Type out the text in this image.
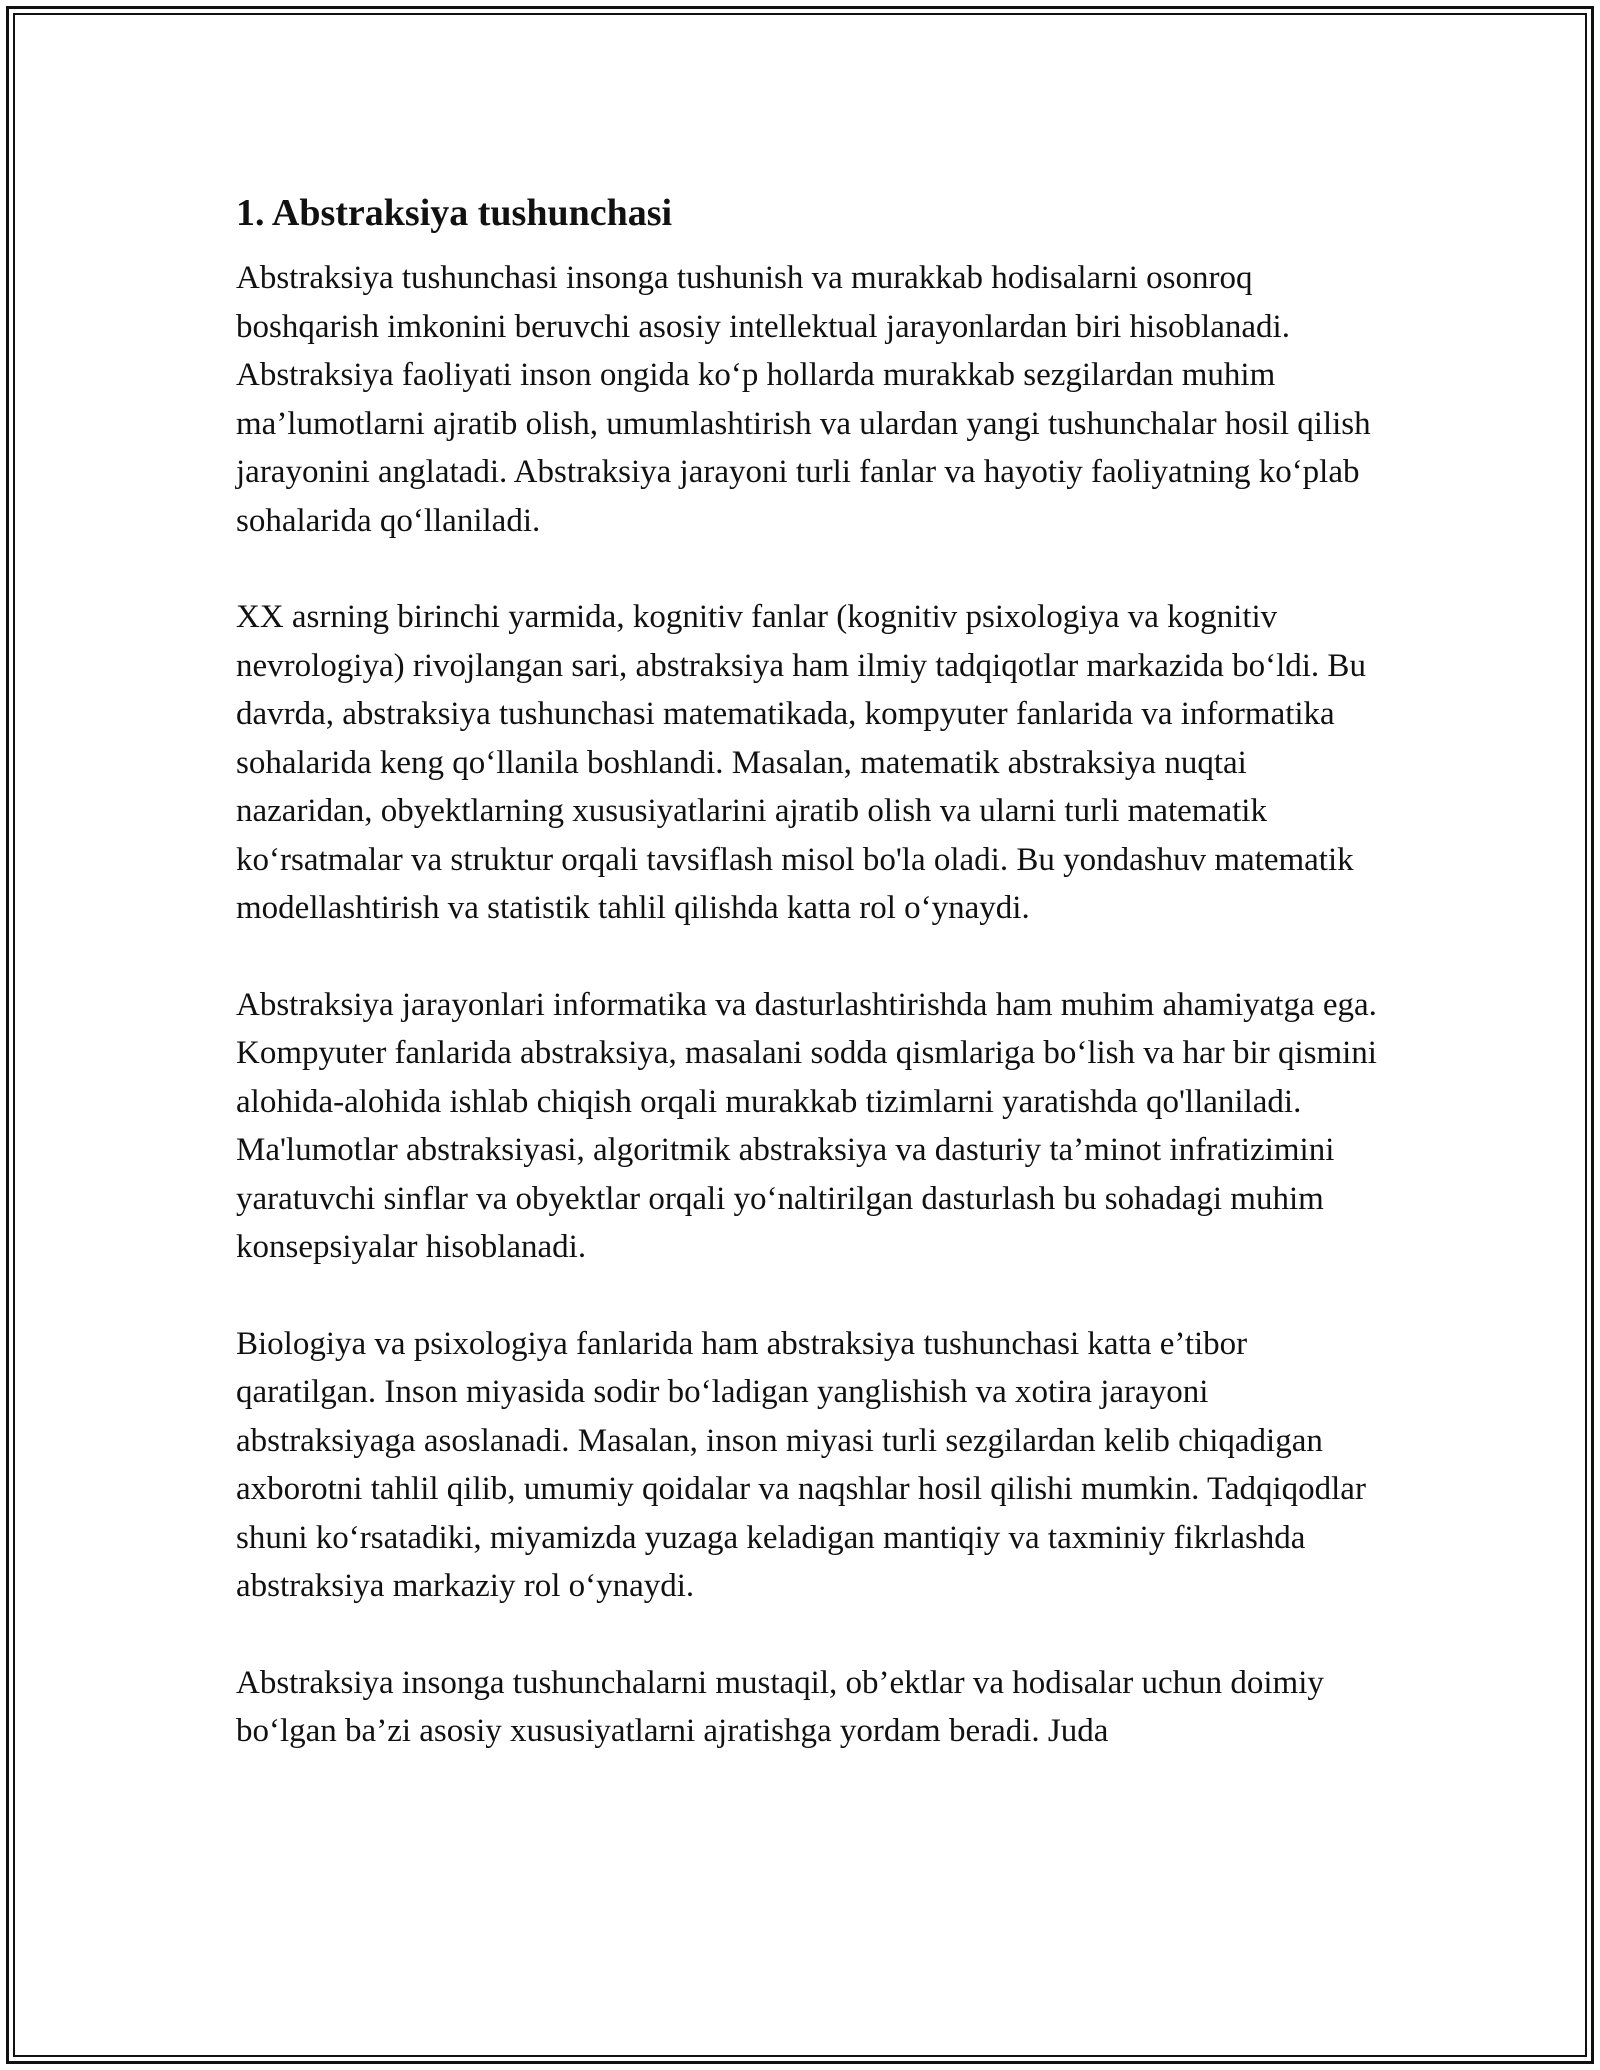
1. Abstraksiya tushunchasi

Abstraksiya tushunchasi insonga tushunish va murakkab hodisalarni osonroq boshqarish imkonini beruvchi asosiy intellektual jarayonlardan biri hisoblanadi. Abstraksiya faoliyati inson ongida ko‘p hollarda murakkab sezgilardan muhim ma’lumotlarni ajratib olish, umumlashtirish va ulardan yangi tushunchalar hosil qilish jarayonini anglatadi. Abstraksiya jarayoni turli fanlar va hayotiy faoliyatning ko‘plab sohalarida qo‘llaniladi.

XX asrning birinchi yarmida, kognitiv fanlar (kognitiv psixologiya va kognitiv nevrologiya) rivojlangan sari, abstraksiya ham ilmiy tadqiqotlar markazida bo‘ldi. Bu davrda, abstraksiya tushunchasi matematikada, kompyuter fanlarida va informatika sohalarida keng qo‘llanila boshlandi. Masalan, matematik abstraksiya nuqtai nazaridan, obyektlarning xususiyatlarini ajratib olish va ularni turli matematik ko‘rsatmalar va struktur orqali tavsiflash misol bo'la oladi. Bu yondashuv matematik modellashtirish va statistik tahlil qilishda katta rol o‘ynaydi.

Abstraksiya jarayonlari informatika va dasturlashtirishda ham muhim ahamiyatga ega. Kompyuter fanlarida abstraksiya, masalani sodda qismlariga bo‘lish va har bir qismini alohida-alohida ishlab chiqish orqali murakkab tizimlarni yaratishda qo'llaniladi. Ma'lumotlar abstraksiyasi, algoritmik abstraksiya va dasturiy ta’minot infratizimini yaratuvchi sinflar va obyektlar orqali yo‘naltirilgan dasturlash bu sohadagi muhim konsepsiyalar hisoblanadi.

Biologiya va psixologiya fanlarida ham abstraksiya tushunchasi katta e’tibor qaratilgan. Inson miyasida sodir bo‘ladigan yanglishish va xotira jarayoni abstraksiyaga asoslanadi. Masalan, inson miyasi turli sezgilardan kelib chiqadigan axborotni tahlil qilib, umumiy qoidalar va naqshlar hosil qilishi mumkin. Tadqiqodlar shuni ko‘rsatadiki, miyamizda yuzaga keladigan mantiqiy va taxminiy fikrlashda abstraksiya markaziy rol o‘ynaydi.

Abstraksiya insonga tushunchalarni mustaqil, ob’ektlar va hodisalar uchun doimiy bo‘lgan ba’zi asosiy xususiyatlarni ajratishga yordam beradi. Juda
